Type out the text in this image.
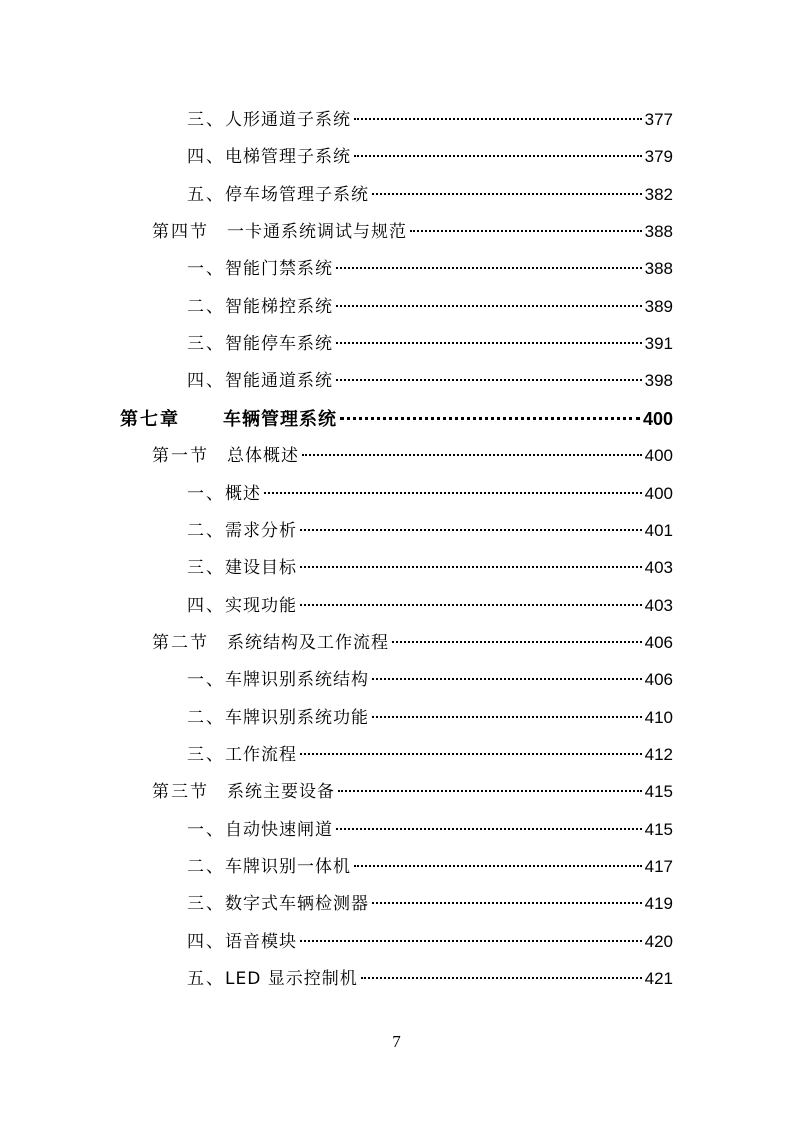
三、 人形通道子系统	377
四、 电梯管理子系统	379
五、 停车场管理子系统	382
第四节	一卡通系统调试与规范	388
一、 智能门禁系统	388
二、 智能梯控系统	389
三、 智能停车系统	391
四、 智能通道系统	398
第七章	车辆管理系统	400
第一节	总体概述	400
一、 概述	400
二、 需求分析	401
三、 建设目标	403
四、 实现功能	403
第二节	系统结构及工作流程	406
一、 车牌识别系统结构	406
二、 车牌识别系统功能	410
三、 工作流程	412
第三节	系统主要设备	415
一、 自动快速闸道	415
二、 车牌识别一体机	417
三、 数字式车辆检测器	419
四、 语音模块	420
五、 LED 显示控制机	421
7
